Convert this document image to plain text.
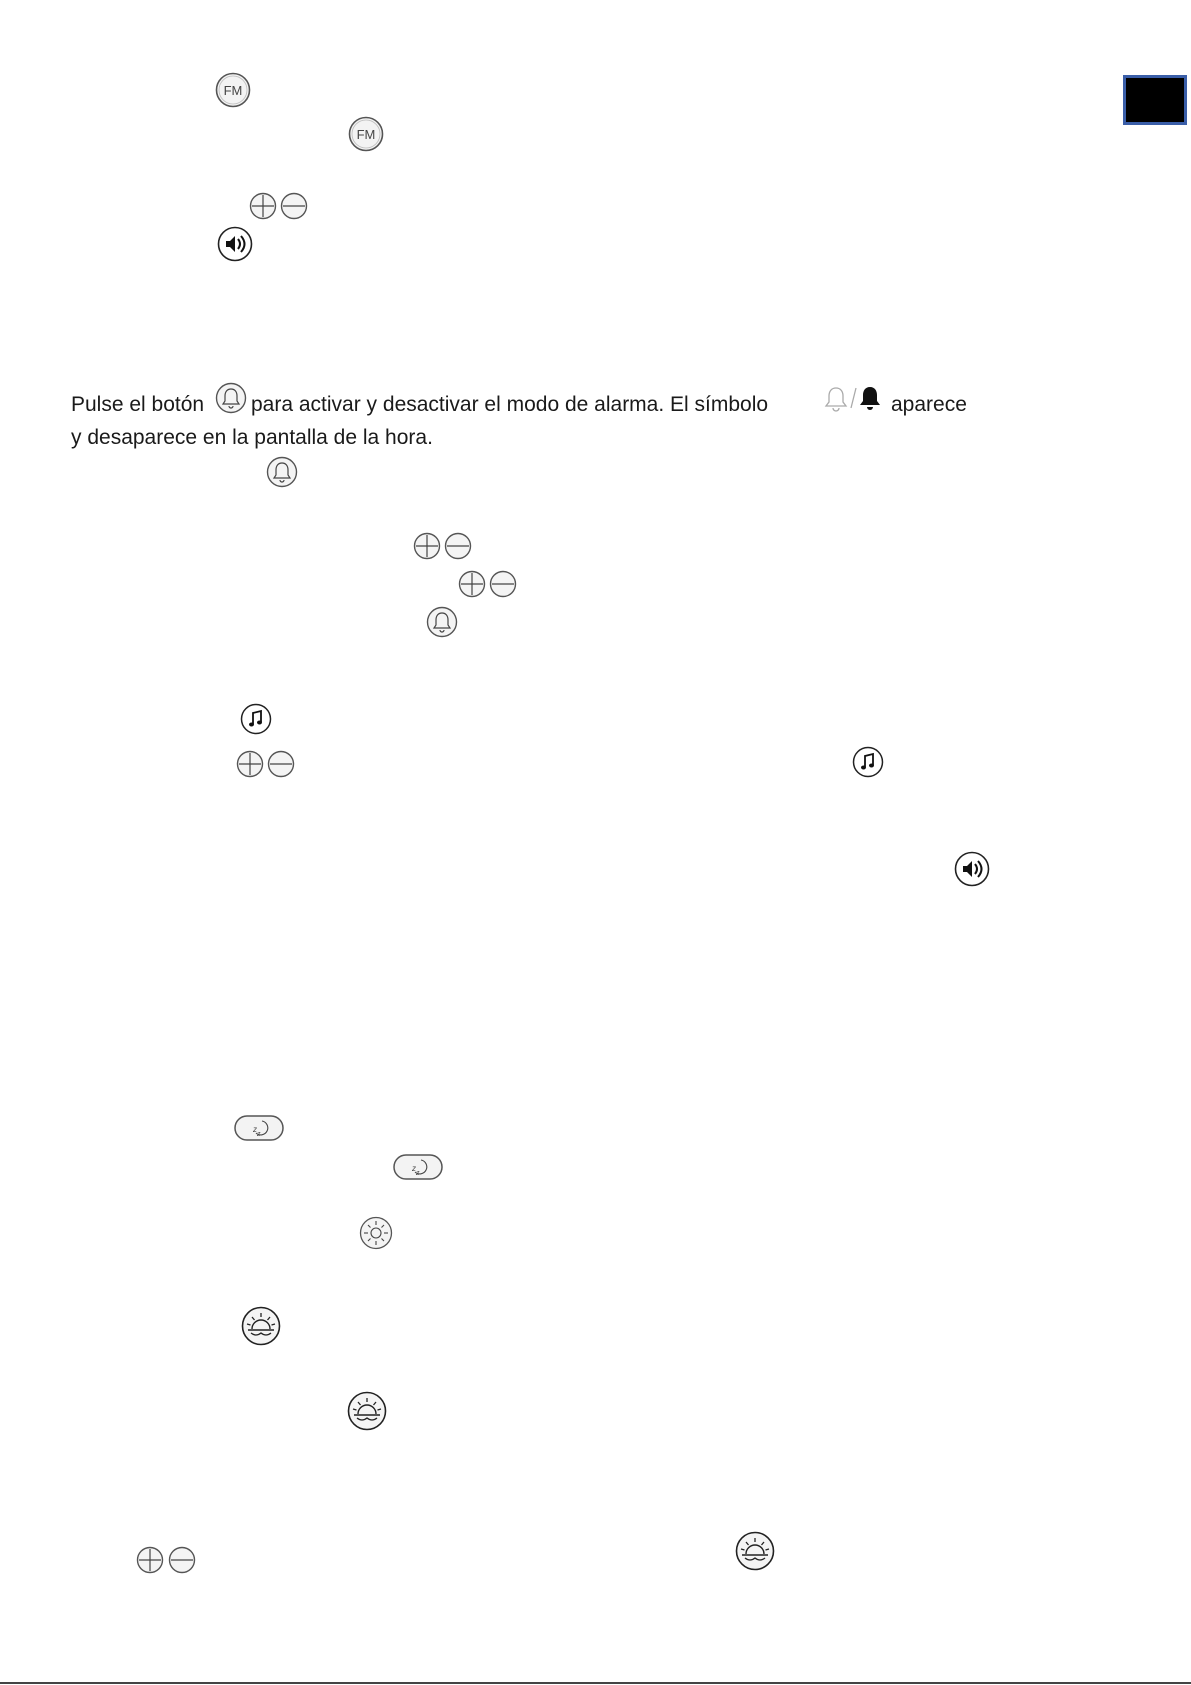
Pulse el botón para activar y desactivar el modo de alarma. El símbolo	aparece
y desaparece en la pantalla de la hora.
